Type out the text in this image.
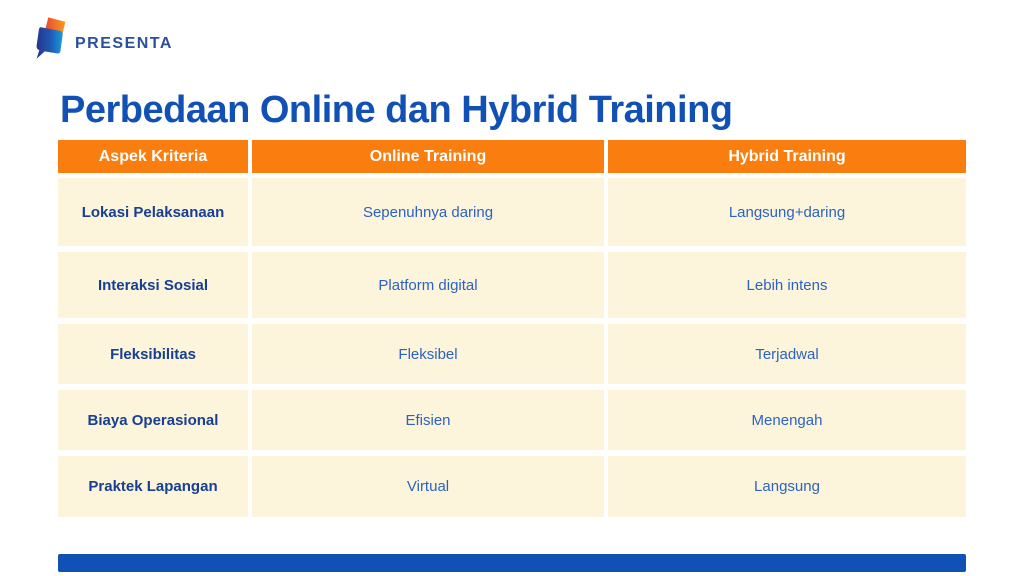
PRESENTA
Perbedaan Online dan Hybrid Training
Aspek Kriteria	Online Training	Hybrid Training
Lokasi Pelaksanaan	Sepenuhnya daring	Langsung+daring
Interaksi Sosial	Platform digital	Lebih intens
Fleksibilitas	Fleksibel	Terjadwal
Biaya Operasional	Efisien	Menengah
Praktek Lapangan	Virtual	Langsung
